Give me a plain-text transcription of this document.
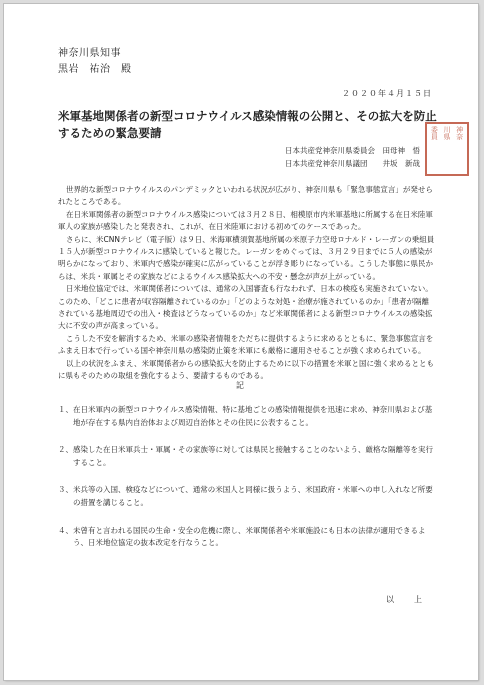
神奈川県知事
黒岩　祐治　殿
２０２０年４月１５日
米軍基地関係者の新型コロナウイルス感染情報の公開と、その拡大を防止するための緊急要請
日本共産党神奈川県委員会　田母神　悟
日本共産党神奈川県議団　　井坂　新哉
神奈
川県
委員

世界的な新型コロナウイルスのパンデミックといわれる状況が広がり、神奈川県も「緊急事態宣言」が発せられたところである。

在日米軍関係者の新型コロナウイルス感染については３月２８日、相模原市内米軍基地に所属する在日米陸軍軍人の家族が感染したと発表され、これが、在日米陸軍における初めてのケースであった。

さらに、米CNNテレビ（電子版）は９日、米海軍横須賀基地所属の米原子力空母ロナルド・レーガンの乗組員１５人が新型コロナウイルスに感染していると報じた。レーガンをめぐっては、３月２９日までに５人の感染が明らかになっており、米軍内で感染が確実に広がっていることが浮き彫りになっている。こうした事態に県民からは、米兵・軍属とその家族などによるウイルス感染拡大への不安・懸念が声が上がっている。

日米地位協定では、米軍関係者については、通常の入国審査も行なわれず、日本の検疫も実施されていない。このため、「どこに患者が収容隔離されているのか」「どのような対処・治療が施されているのか」「患者が隔離されている基地周辺での出入・検査はどうなっているのか」など米軍関係者による新型コロナウイルスの感染拡大に不安の声が高まっている。

こうした不安を解消するため、米軍の感染者情報をただちに提供するように求めるとともに、緊急事態宣言をふまえ日本で行っている国や神奈川県の感染防止策を米軍にも厳格に適用させることが強く求められている。

以上の状況をふまえ、米軍関係者からの感染拡大を防止するために以下の措置を米軍と国に強く求めるとともに県もそのための取組を強化するよう、要請するものである。

記
１、 在日米軍内の新型コロナウイルス感染情報、特に基地ごとの感染情報提供を迅速に求め、神奈川県および基地が存在する県内自治体および周辺自治体とその住民に公表すること。
２、 感染した在日米軍兵士・軍属・その家族等に対しては県民と接触することのないよう、厳格な隔離等を実行すること。
３、 米兵等の入国、検疫などについて、通常の米国人と同様に扱うよう、米国政府・米軍への申し入れなど所要の措置を講じること。
４、 未曾有と言われる国民の生命・安全の危機に際し、米軍関係者や米軍施設にも日本の法律が適用できるよう、日米地位協定の抜本改定を行なうこと。
以　上
